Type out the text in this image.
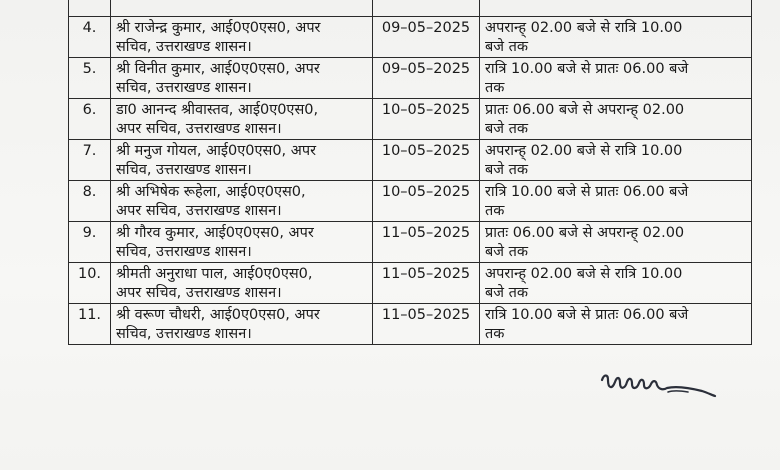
4.	श्री राजेन्द्र कुमार, आई0ए0एस0, अपर
सचिव, उत्तराखण्ड शासन।	09–05–2025	अपरान्ह् 02.00 बजे से रात्रि 10.00
बजे तक

5.	श्री विनीत कुमार, आई0ए0एस0, अपर
सचिव, उत्तराखण्ड शासन।	09–05–2025	रात्रि 10.00 बजे से प्रातः 06.00 बजे
तक

6.	डा0 आनन्द श्रीवास्तव, आई0ए0एस0,
अपर सचिव, उत्तराखण्ड शासन।	10–05–2025	प्रातः 06.00 बजे से अपरान्ह् 02.00
बजे तक

7.	श्री मनुज गोयल, आई0ए0एस0, अपर
सचिव, उत्तराखण्ड शासन।	10–05–2025	अपरान्ह् 02.00 बजे से रात्रि 10.00
बजे तक

8.	श्री अभिषेक रूहेला, आई0ए0एस0,
अपर सचिव, उत्तराखण्ड शासन।	10–05–2025	रात्रि 10.00 बजे से प्रातः 06.00 बजे
तक

9.	श्री गौरव कुमार, आई0ए0एस0, अपर
सचिव, उत्तराखण्ड शासन।	11–05–2025	प्रातः 06.00 बजे से अपरान्ह् 02.00
बजे तक

10.	श्रीमती अनुराधा पाल, आई0ए0एस0,
अपर सचिव, उत्तराखण्ड शासन।	11–05–2025	अपरान्ह् 02.00 बजे से रात्रि 10.00
बजे तक

11.	श्री वरूण चौधरी, आई0ए0एस0, अपर
सचिव, उत्तराखण्ड शासन।	11–05–2025	रात्रि 10.00 बजे से प्रातः 06.00 बजे
तक
